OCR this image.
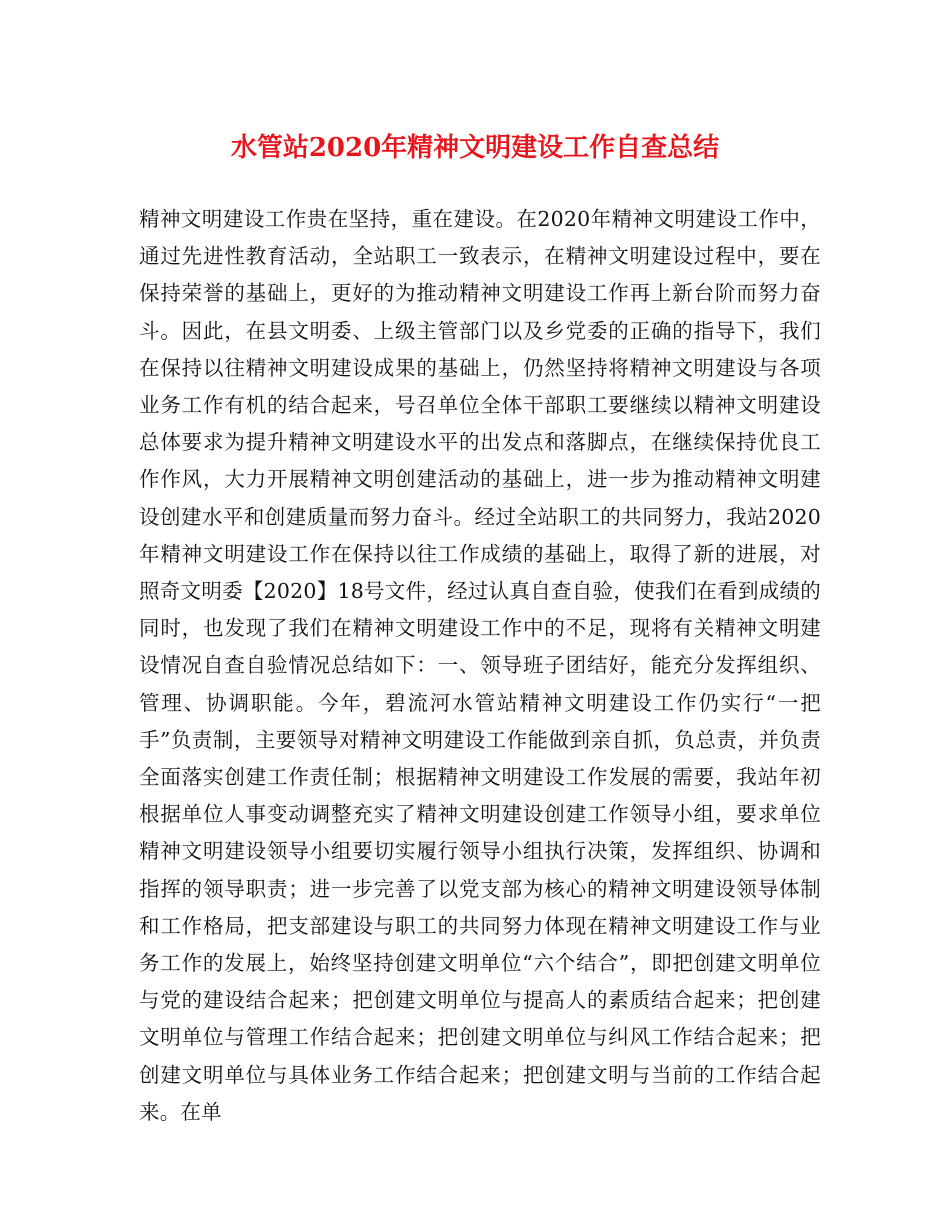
水管站2020年精神文明建设工作自查总结

精神文明建设工作贵在坚持，重在建设。在2020年精神文明建设工作中，通过先进性教育活动，全站职工一致表示，在精神文明建设过程中，要在保持荣誉的基础上，更好的为推动精神文明建设工作再上新台阶而努力奋斗。因此，在县文明委、上级主管部门以及乡党委的正确的指导下，我们在保持以往精神文明建设成果的基础上，仍然坚持将精神文明建设与各项业务工作有机的结合起来，号召单位全体干部职工要继续以精神文明建设总体要求为提升精神文明建设水平的出发点和落脚点，在继续保持优良工作作风，大力开展精神文明创建活动的基础上，进一步为推动精神文明建设创建水平和创建质量而努力奋斗。经过全站职工的共同努力，我站2020年精神文明建设工作在保持以往工作成绩的基础上，取得了新的进展，对照奇文明委【2020】18号文件，经过认真自查自验，使我们在看到成绩的同时，也发现了我们在精神文明建设工作中的不足，现将有关精神文明建设情况自查自验情况总结如下：一、领导班子团结好，能充分发挥组织、管理、协调职能。今年，碧流河水管站精神文明建设工作仍实行“一把手”负责制，主要领导对精神文明建设工作能做到亲自抓，负总责，并负责全面落实创建工作责任制；根据精神文明建设工作发展的需要，我站年初根据单位人事变动调整充实了精神文明建设创建工作领导小组，要求单位精神文明建设领导小组要切实履行领导小组执行决策，发挥组织、协调和指挥的领导职责；进一步完善了以党支部为核心的精神文明建设领导体制和工作格局，把支部建设与职工的共同努力体现在精神文明建设工作与业务工作的发展上，始终坚持创建文明单位“六个结合”，即把创建文明单位与党的建设结合起来；把创建文明单位与提高人的素质结合起来；把创建文明单位与管理工作结合起来；把创建文明单位与纠风工作结合起来；把创建文明单位与具体业务工作结合起来；把创建文明与当前的工作结合起来。在单
